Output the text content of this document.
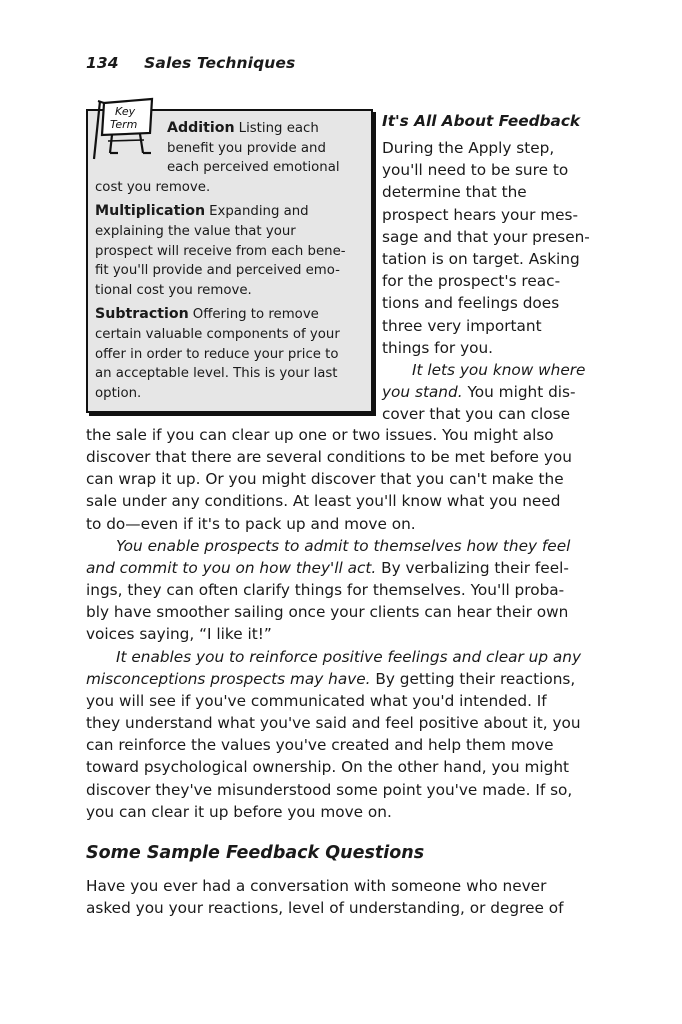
134 Sales Techniques
Key
Term Addition Listing each
benefit you provide and
each perceived emotional
cost you remove.
Multiplication Expanding and
explaining the value that your
prospect will receive from each bene-
fit you'll provide and perceived emo-
tional cost you remove.
Subtraction Offering to remove
certain valuable components of your
offer in order to reduce your price to
an acceptable level. This is your last
option.
It's All About Feedback
During the Apply step,
you'll need to be sure to
determine that the
prospect hears your mes-
sage and that your presen-
tation is on target. Asking
for the prospect's reac-
tions and feelings does
three very important
things for you.
It lets you know where
you stand. You might dis-
cover that you can close
the sale if you can clear up one or two issues. You might also
discover that there are several conditions to be met before you
can wrap it up. Or you might discover that you can't make the
sale under any conditions. At least you'll know what you need
to do—even if it's to pack up and move on.
You enable prospects to admit to themselves how they feel
and commit to you on how they'll act. By verbalizing their feel-
ings, they can often clarify things for themselves. You'll proba-
bly have smoother sailing once your clients can hear their own
voices saying, “I like it!”
It enables you to reinforce positive feelings and clear up any
misconceptions prospects may have. By getting their reactions,
you will see if you've communicated what you'd intended. If
they understand what you've said and feel positive about it, you
can reinforce the values you've created and help them move
toward psychological ownership. On the other hand, you might
discover they've misunderstood some point you've made. If so,
you can clear it up before you move on.
Some Sample Feedback Questions
Have you ever had a conversation with someone who never
asked you your reactions, level of understanding, or degree of
